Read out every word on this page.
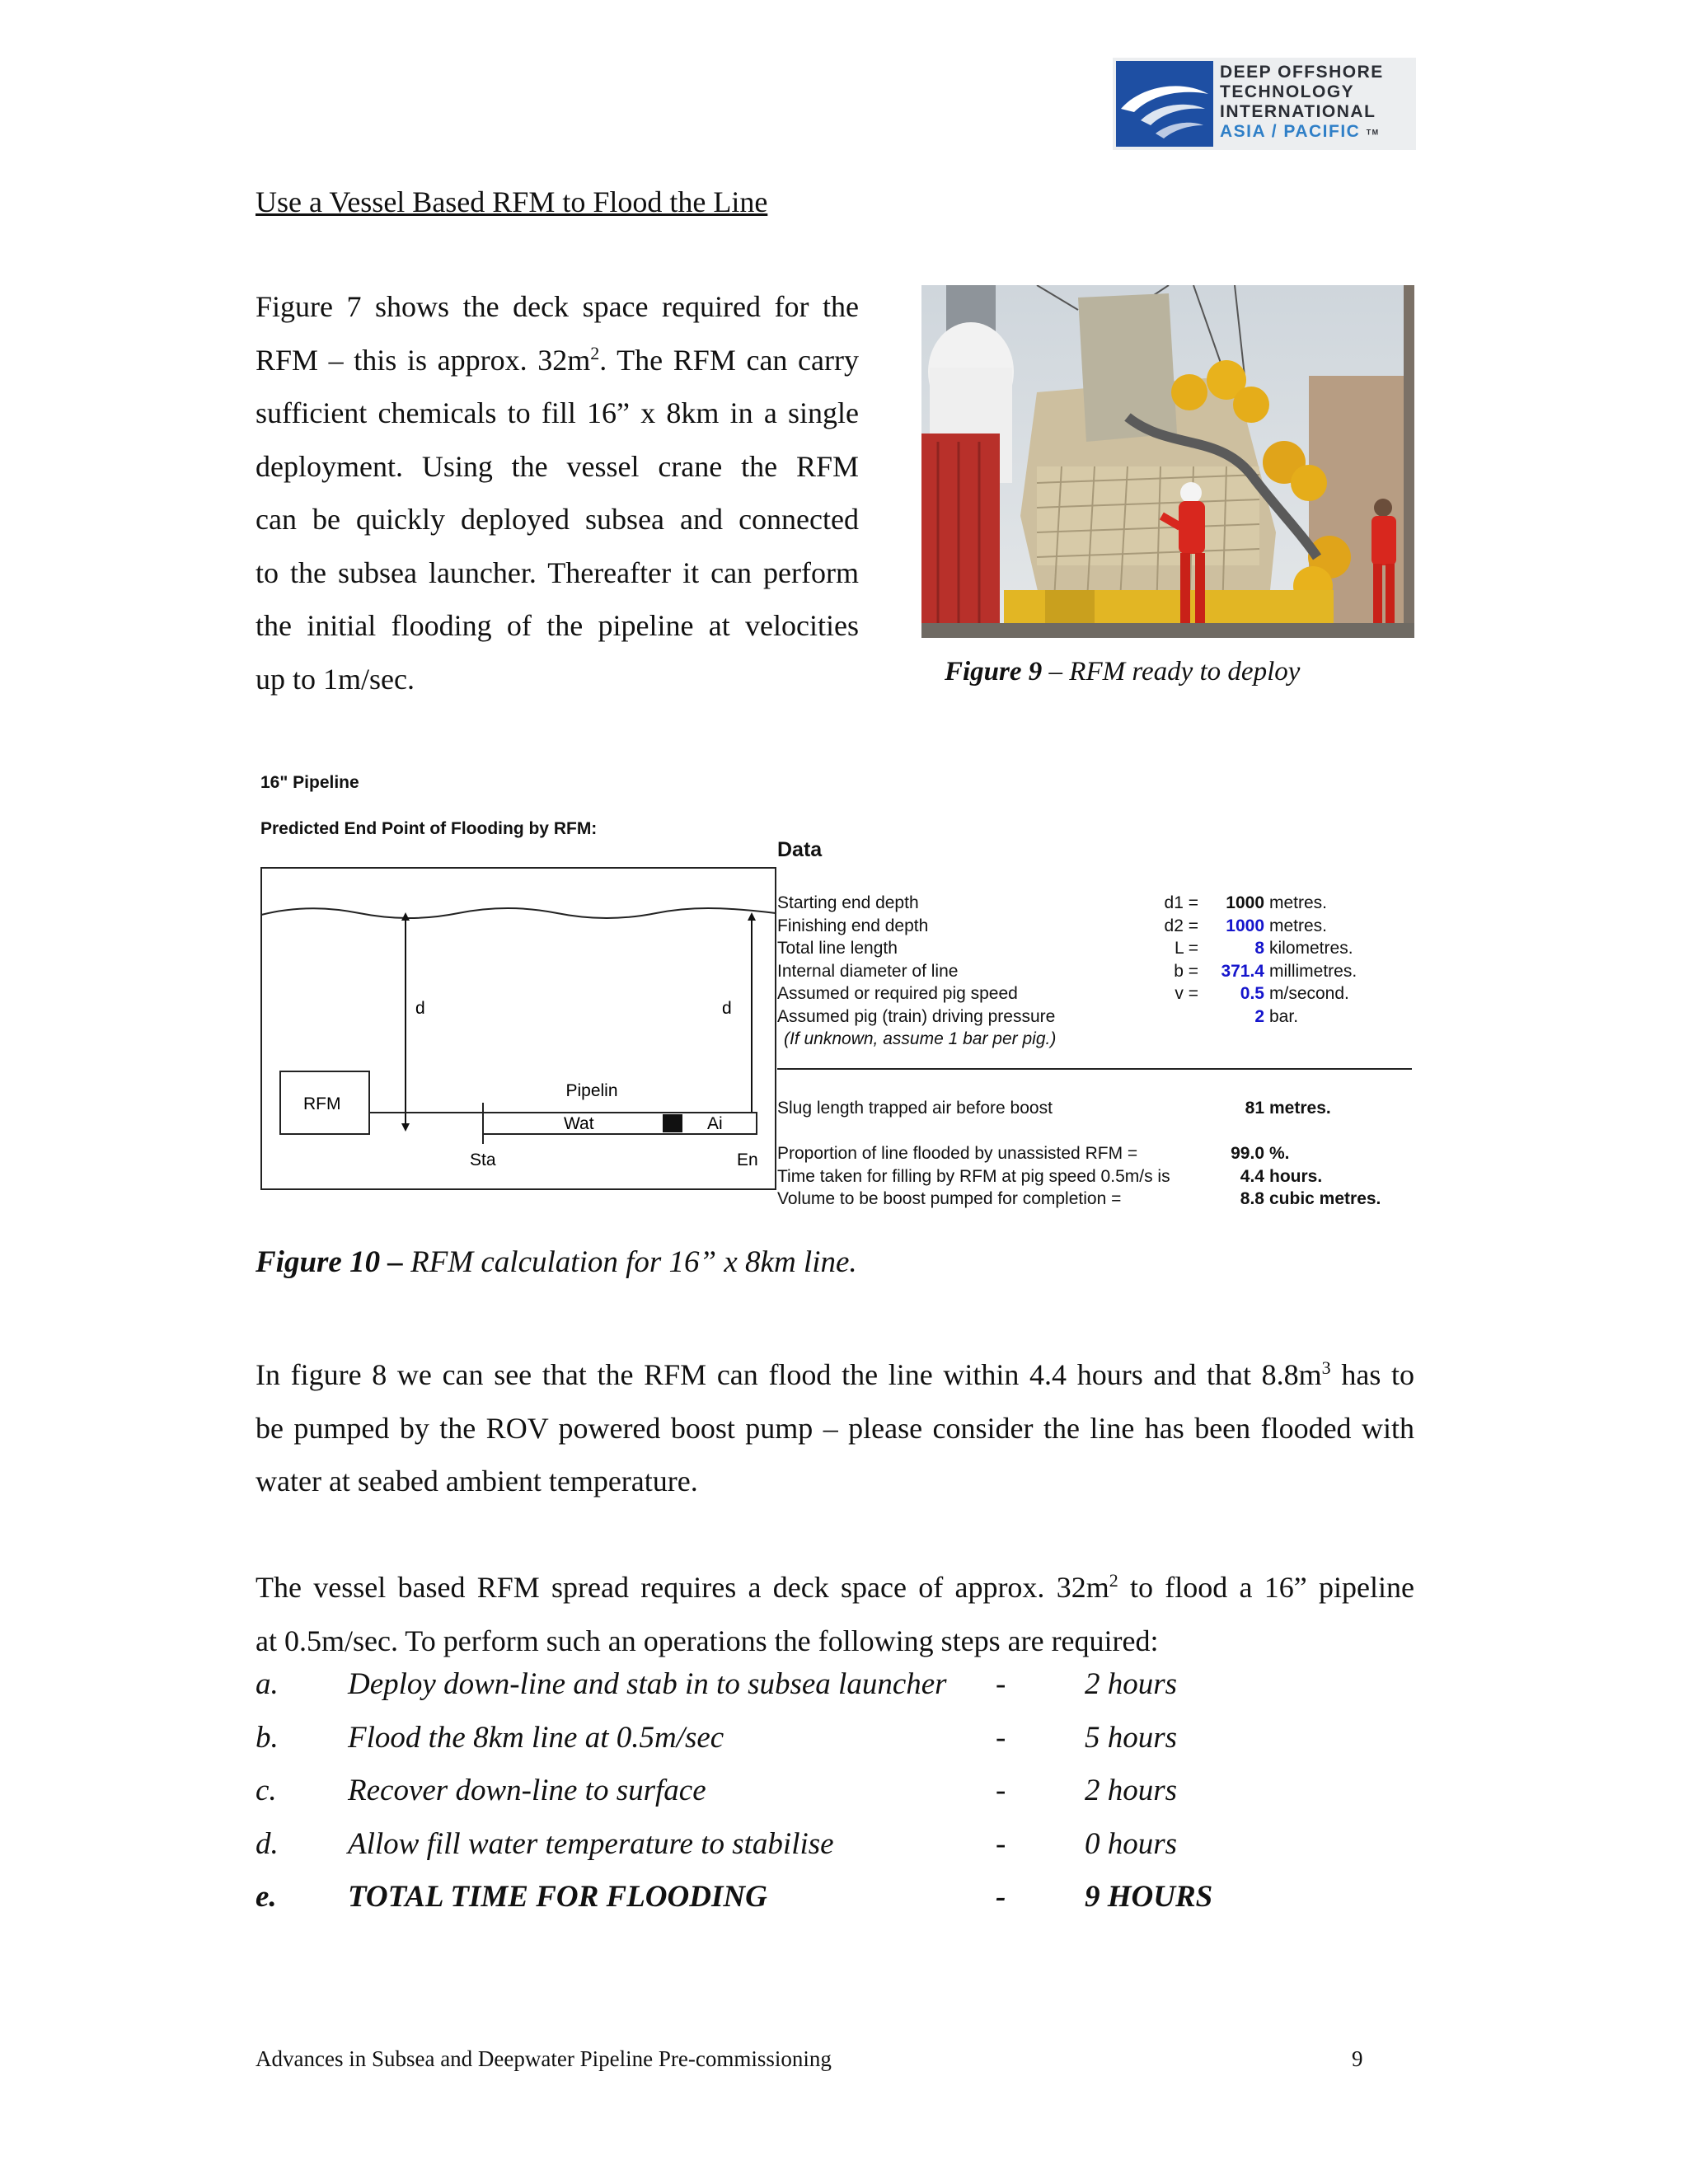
DEEP OFFSHORE
TECHNOLOGY
INTERNATIONAL
ASIA / PACIFIC TM
Use a Vessel Based RFM to Flood the Line
Figure 7 shows the deck space required for the
RFM – this is approx. $32m^2$. The RFM can carry
sufficient chemicals to fill 16” x 8km in a single
deployment. Using the vessel crane the RFM
can be quickly deployed subsea and connected
to the subsea launcher. Thereafter it can perform
the initial flooding of the pipeline at velocities
up to 1m/sec.	Figure 9 – RFM ready to deploy
16" Pipeline
Predicted End Point of Flooding by RFM:
d	d
RFM
Pipelin
Wat	Ai
Sta	En
Data
Starting end depth	d1 =	1000 metres.
Finishing end depth	d2 =	1000 metres.
Total line length	L =	8 kilometres.
Internal diameter of line	b =	371.4 millimetres.
Assumed or required pig speed	v =	0.5 m/second.
Assumed pig (train) driving pressure	2 bar.
(If unknown, assume 1 bar per pig.)
Slug length trapped air before boost	81 metres.
Proportion of line flooded by unassisted RFM =	99.0 %.
Time taken for filling by RFM at pig speed 0.5m/s is	4.4 hours.
Volume to be boost pumped for completion =	8.8 cubic metres.
Figure 10 – RFM calculation for 16” x 8km line.
In figure 8 we can see that the RFM can flood the line within 4.4 hours and that $8.8m^3$ has to
be pumped by the ROV powered boost pump – please consider the line has been flooded with
water at seabed ambient temperature.
The vessel based RFM spread requires a deck space of approx. $32m^2$ to flood a 16” pipeline
at 0.5m/sec. To perform such an operations the following steps are required:
a. Deploy down-line and stab in to subsea launcher -	2 hours
b. Flood the 8km line at 0.5m/sec	-	5 hours
c. Recover down-line to surface	-	2 hours
d. Allow fill water temperature to stabilise	-	0 hours
e. TOTAL TIME FOR FLOODING	-	9 HOURS
Advances in Subsea and Deepwater Pipeline Pre-commissioning	9
